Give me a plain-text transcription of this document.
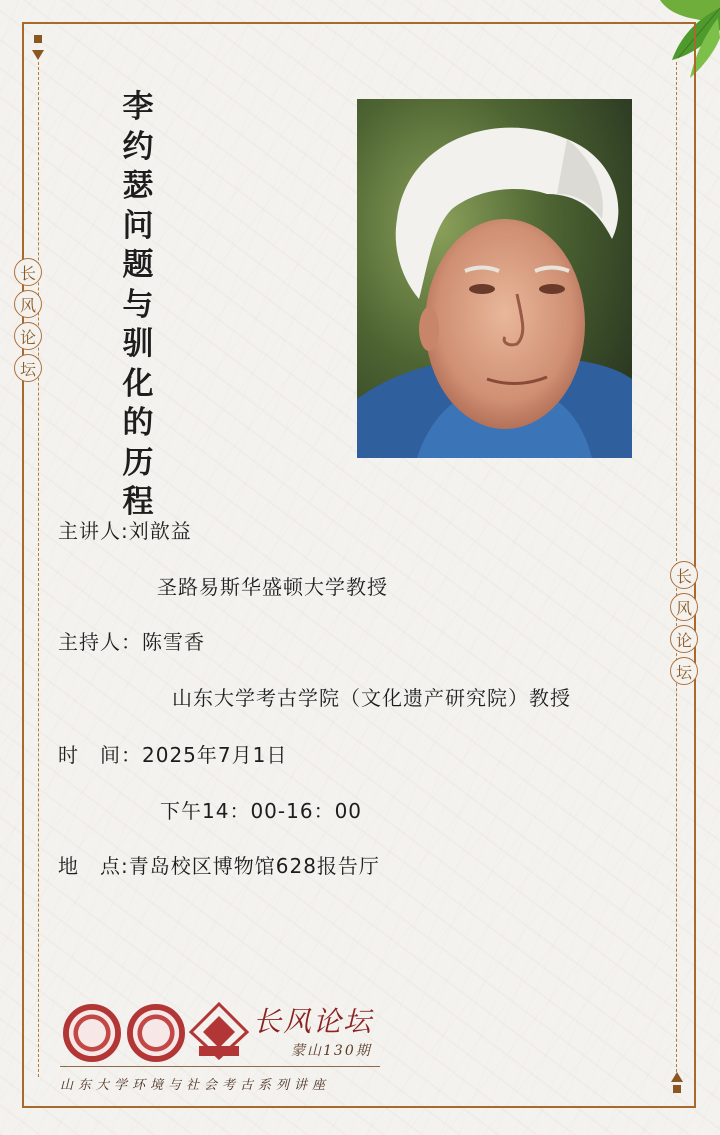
长
风
论
坛
长
风
论
坛
李
约
瑟
问
题
与
驯
化
的
历
程
主讲人:刘歆益
圣路易斯华盛顿大学教授
主持人：陈雪香
山东大学考古学院（文化遗产研究院）教授
时　间：2025年7月1日
下午14：00-16：00
地　点:青岛校区博物馆628报告厅
长风论坛
蒙山130期
山东大学环境与社会考古系列讲座
